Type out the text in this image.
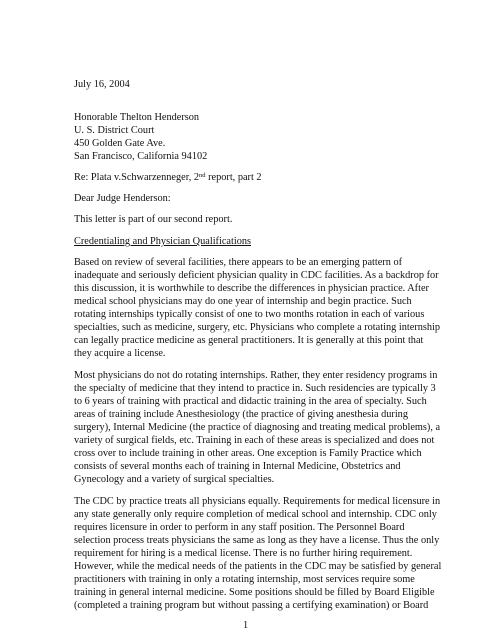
July 16, 2004

Honorable Thelton Henderson

U. S. District Court

450 Golden Gate Ave.

San Francisco, California 94102

Re: Plata v.Schwarzenneger, 2nd report, part 2

Dear Judge Henderson:

This letter is part of our second report.

Credentialing and Physician Qualifications

Based on review of several facilities, there appears to be an emerging pattern of

inadequate and seriously deficient physician quality in CDC facilities. As a backdrop for

this discussion, it is worthwhile to describe the differences in physician practice. After

medical school physicians may do one year of internship and begin practice. Such

rotating internships typically consist of one to two months rotation in each of various

specialties, such as medicine, surgery, etc. Physicians who complete a rotating internship

can legally practice medicine as general practitioners. It is generally at this point that

they acquire a license.

Most physicians do not do rotating internships. Rather, they enter residency programs in

the specialty of medicine that they intend to practice in. Such residencies are typically 3

to 6 years of training with practical and didactic training in the area of specialty. Such

areas of training include Anesthesiology (the practice of giving anesthesia during

surgery), Internal Medicine (the practice of diagnosing and treating medical problems), a

variety of surgical fields, etc. Training in each of these areas is specialized and does not

cross over to include training in other areas. One exception is Family Practice which

consists of several months each of training in Internal Medicine, Obstetrics and

Gynecology and a variety of surgical specialties.

The CDC by practice treats all physicians equally. Requirements for medical licensure in

any state generally only require completion of medical school and internship. CDC only

requires licensure in order to perform in any staff position. The Personnel Board

selection process treats physicians the same as long as they have a license. Thus the only

requirement for hiring is a medical license. There is no further hiring requirement.

However, while the medical needs of the patients in the CDC may be satisfied by general

practitioners with training in only a rotating internship, most services require some

training in general internal medicine. Some positions should be filled by Board Eligible

(completed a training program but without passing a certifying examination) or Board

1
